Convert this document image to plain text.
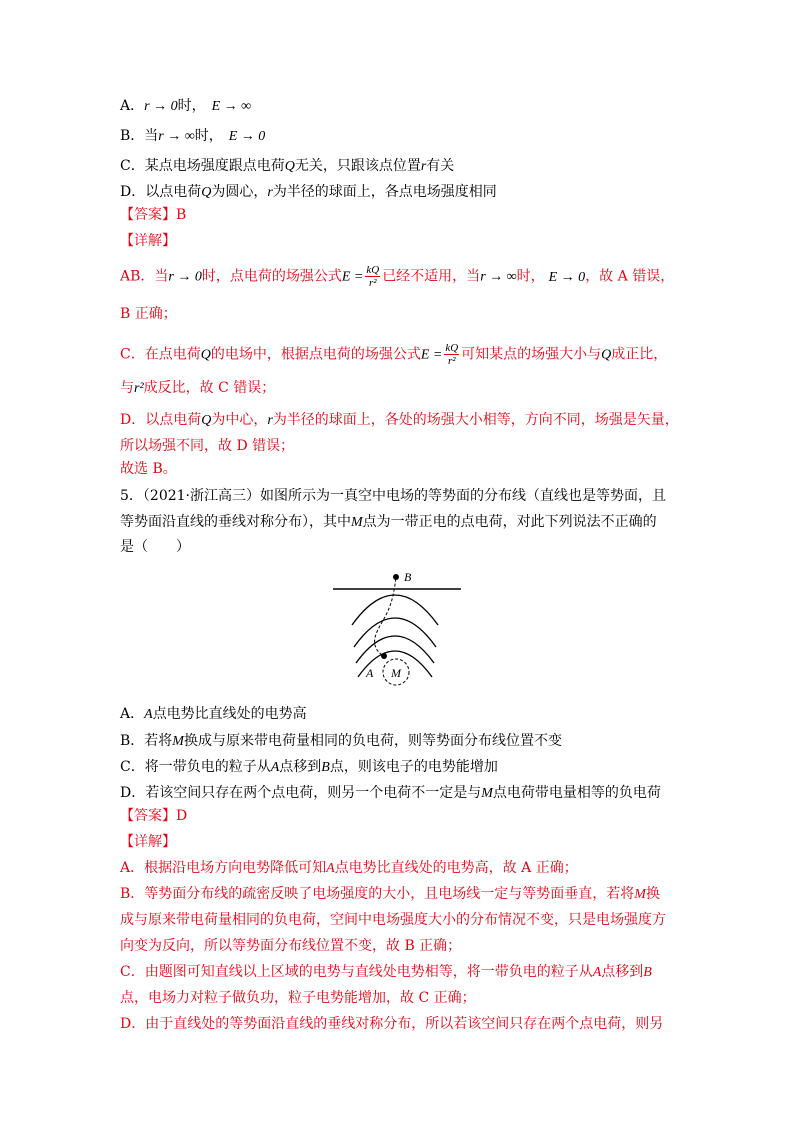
A．r → 0时， E → ∞
B．当r → ∞时， E → 0
C．某点电场强度跟点电荷Q无关，只跟该点位置r有关
D．以点电荷Q为圆心，r为半径的球面上，各点电场强度相同
【答案】B
【详解】
AB．当r → 0时，点电荷的场强公式$E = \frac{kQ}{\text{r²}}$ 已经不适用，当r → ∞时， E → 0，故 A 错误，
B 正确；
C．在点电荷Q的电场中，根据点电荷的场强公式$E = \frac{kQ}{\text{r²}}$ 可知某点的场强大小与Q成正比，
与r²成反比，故 C 错误；
D．以点电荷Q为中心，r为半径的球面上，各处的场强大小相等，方向不同，场强是矢量，
所以场强不同，故 D 错误；
故选 B。
5．（2021·浙江高三）如图所示为一真空中电场的等势面的分布线（直线也是等势面，且
等势面沿直线的垂线对称分布），其中M点为一带正电的点电荷，对此下列说法不正确的
是（　　）
B
A M
A．A点电势比直线处的电势高
B．若将M换成与原来带电荷量相同的负电荷，则等势面分布线位置不变
C．将一带负电的粒子从A点移到B点，则该电子的电势能增加
D．若该空间只存在两个点电荷，则另一个电荷不一定是与M点电荷带电量相等的负电荷
【答案】D
【详解】
A．根据沿电场方向电势降低可知A点电势比直线处的电势高，故 A 正确；
B．等势面分布线的疏密反映了电场强度的大小，且电场线一定与等势面垂直，若将M换
成与原来带电荷量相同的负电荷，空间中电场强度大小的分布情况不变，只是电场强度方
向变为反向，所以等势面分布线位置不变，故 B 正确；
C．由题图可知直线以上区域的电势与直线处电势相等，将一带负电的粒子从A点移到B
点，电场力对粒子做负功，粒子电势能增加，故 C 正确；
D．由于直线处的等势面沿直线的垂线对称分布，所以若该空间只存在两个点电荷，则另
